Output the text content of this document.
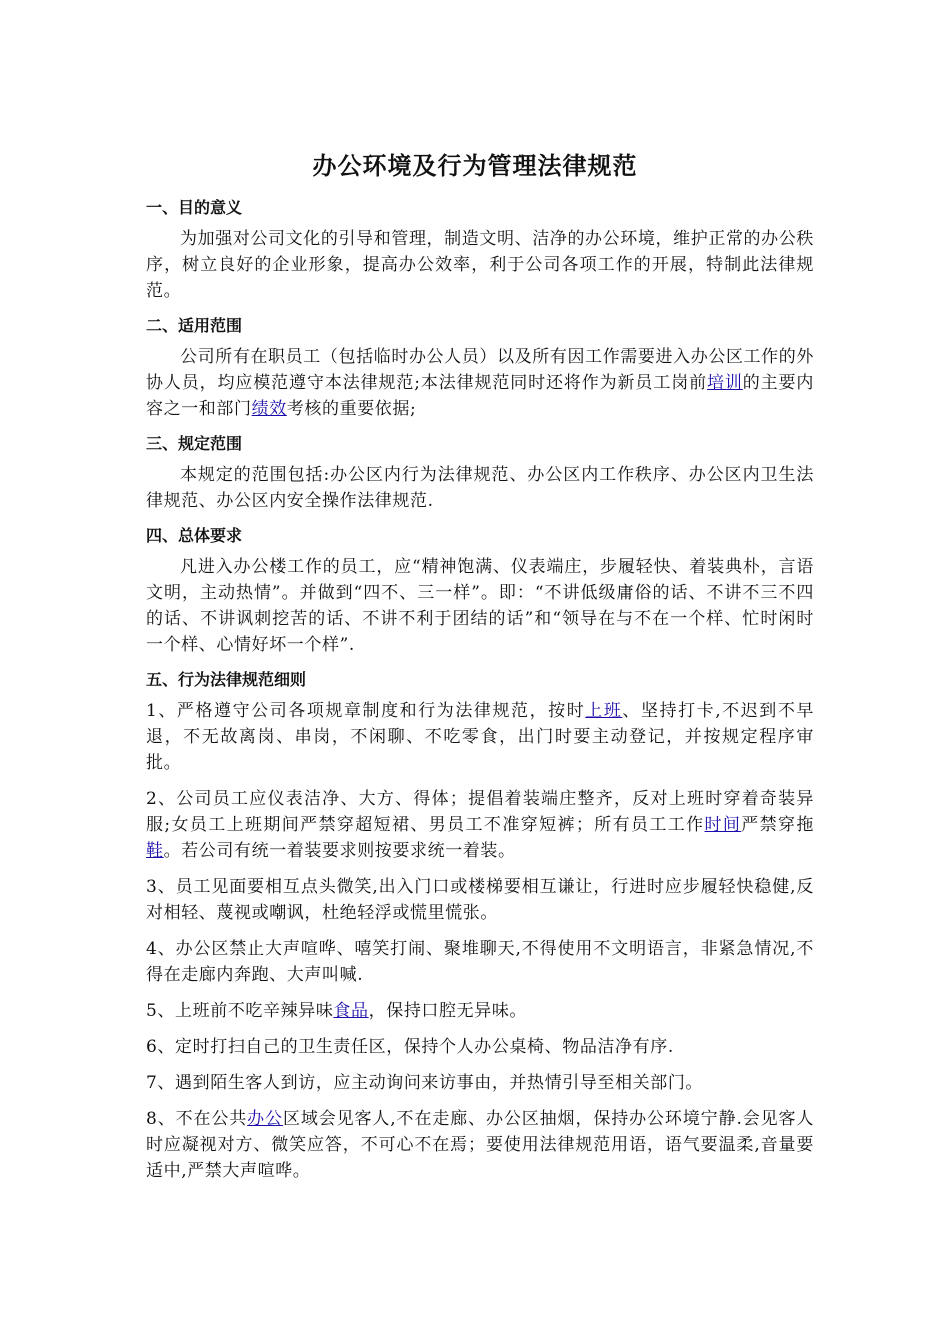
办公环境及行为管理法律规范
一、目的意义

为加强对公司文化的引导和管理，制造文明、洁净的办公环境，维护正常的办公秩序，树立良好的企业形象，提高办公效率，利于公司各项工作的开展，特制此法律规范。

二、适用范围

公司所有在职员工（包括临时办公人员）以及所有因工作需要进入办公区工作的外协人员，均应模范遵守本法律规范;本法律规范同时还将作为新员工岗前培训的主要内容之一和部门绩效考核的重要依据;

三、规定范围

本规定的范围包括:办公区内行为法律规范、办公区内工作秩序、办公区内卫生法律规范、办公区内安全操作法律规范.

四、总体要求

凡进入办公楼工作的员工，应“精神饱满、仪表端庄，步履轻快、着装典朴，言语文明，主动热情”。并做到“四不、三一样”。即：“不讲低级庸俗的话、不讲不三不四的话、不讲讽刺挖苦的话、不讲不利于团结的话”和“领导在与不在一个样、忙时闲时一个样、心情好坏一个样”.

五、行为法律规范细则

1、严格遵守公司各项规章制度和行为法律规范，按时上班、坚持打卡,不迟到不早退，不无故离岗、串岗，不闲聊、不吃零食，出门时要主动登记，并按规定程序审批。

2、公司员工应仪表洁净、大方、得体；提倡着装端庄整齐，反对上班时穿着奇装异服;女员工上班期间严禁穿超短裙、男员工不准穿短裤；所有员工工作时间严禁穿拖鞋。若公司有统一着装要求则按要求统一着装。

3、员工见面要相互点头微笑,出入门口或楼梯要相互谦让，行进时应步履轻快稳健,反对相轻、蔑视或嘲讽，杜绝轻浮或慌里慌张。

4、办公区禁止大声喧哗、嘻笑打闹、聚堆聊天,不得使用不文明语言，非紧急情况,不得在走廊内奔跑、大声叫喊.

5、上班前不吃辛辣异味食品，保持口腔无异味。

6、定时打扫自己的卫生责任区，保持个人办公桌椅、物品洁净有序.

7、遇到陌生客人到访，应主动询问来访事由，并热情引导至相关部门。

8、不在公共办公区域会见客人,不在走廊、办公区抽烟，保持办公环境宁静.会见客人时应凝视对方、微笑应答，不可心不在焉；要使用法律规范用语，语气要温柔,音量要适中,严禁大声喧哗。
